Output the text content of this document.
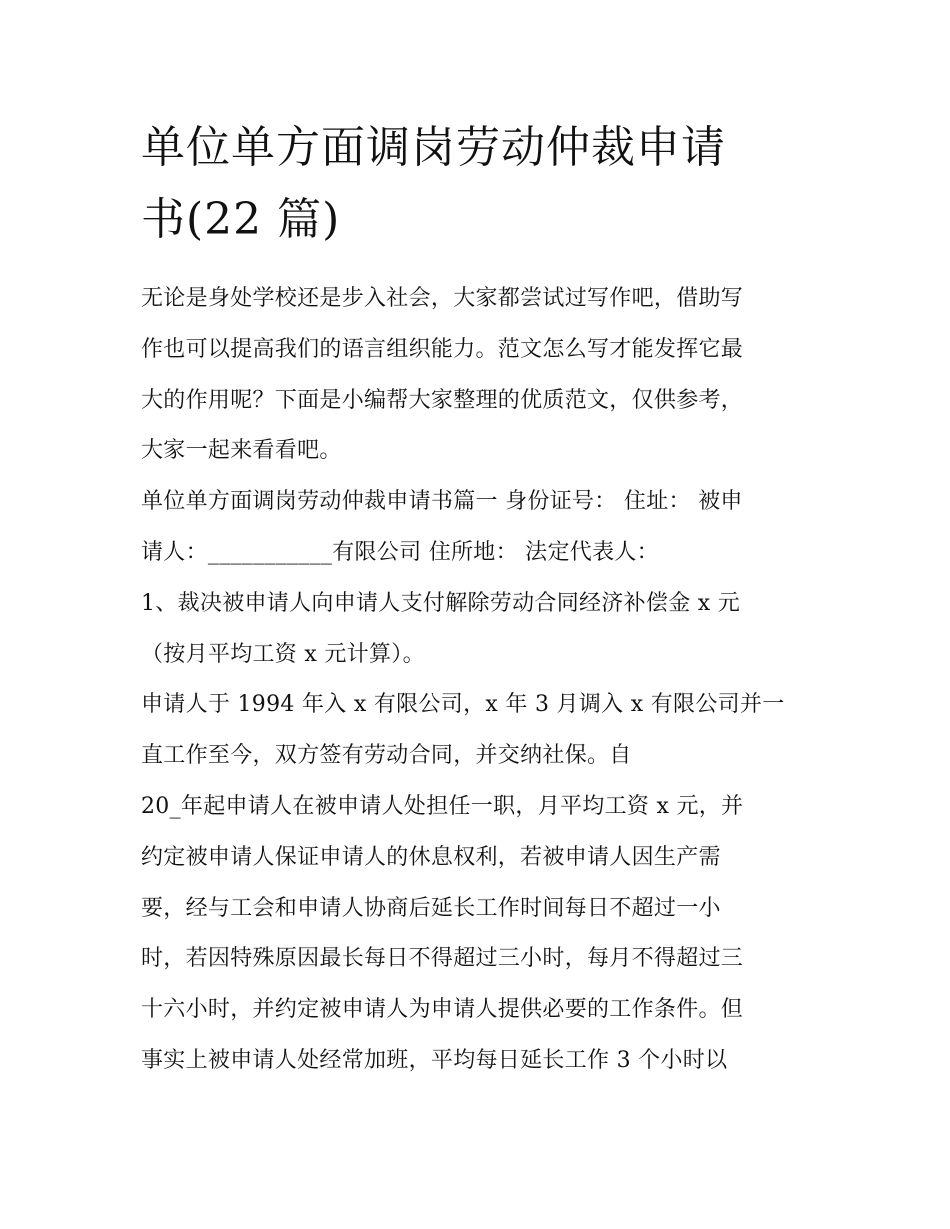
单位单方面调岗劳动仲裁申请
书(22 篇)
无论是身处学校还是步入社会，大家都尝试过写作吧，借助写
作也可以提高我们的语言组织能力。范文怎么写才能发挥它最
大的作用呢？下面是小编帮大家整理的优质范文，仅供参考，
大家一起来看看吧。
单位单方面调岗劳动仲裁申请书篇一 身份证号： 住址： 被申
请人：___________有限公司 住所地： 法定代表人：
1、裁决被申请人向申请人支付解除劳动合同经济补偿金 x 元
（按月平均工资 x 元计算）。
申请人于 1994 年入 x 有限公司，x 年 3 月调入 x 有限公司并一
直工作至今，双方签有劳动合同，并交纳社保。自
20_年起申请人在被申请人处担任一职，月平均工资 x 元，并
约定被申请人保证申请人的休息权利，若被申请人因生产需
要，经与工会和申请人协商后延长工作时间每日不超过一小
时，若因特殊原因最长每日不得超过三小时，每月不得超过三
十六小时，并约定被申请人为申请人提供必要的工作条件。但
事实上被申请人处经常加班，平均每日延长工作 3 个小时以
